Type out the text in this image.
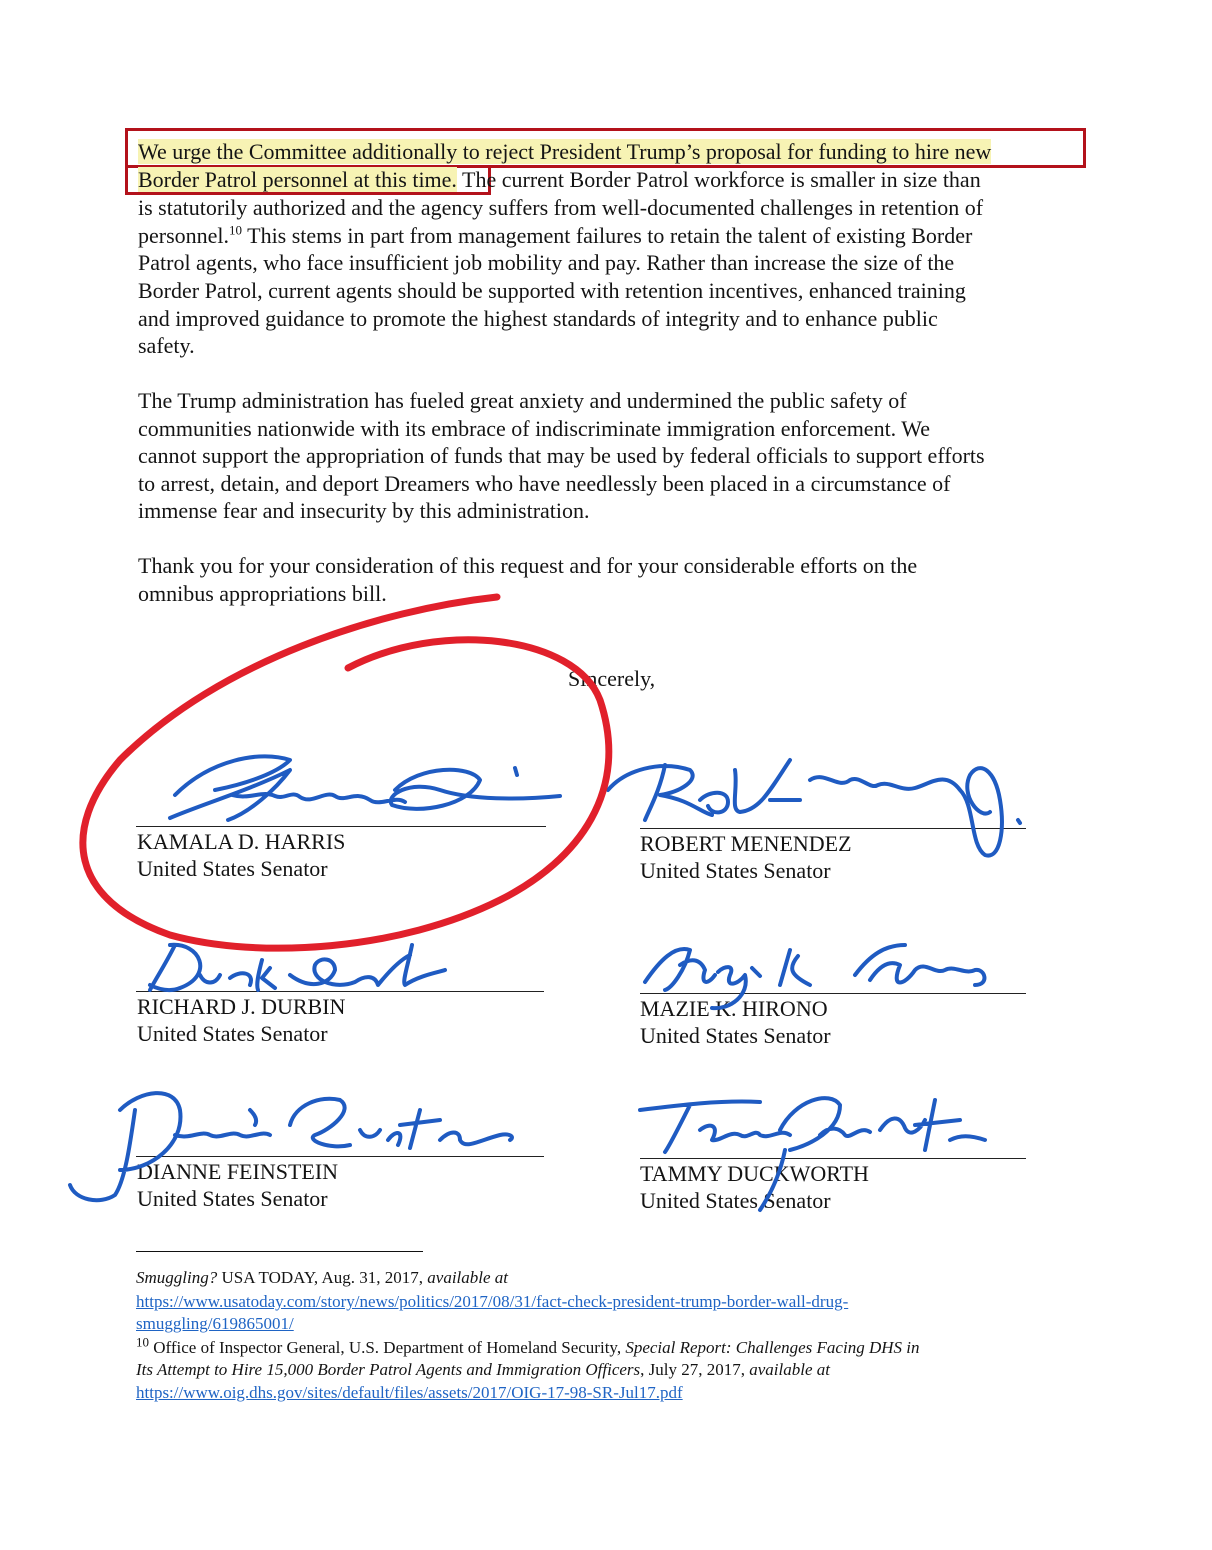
We urge the Committee additionally to reject President Trump’s proposal for funding to hire new
Border Patrol personnel at this time. The current Border Patrol workforce is smaller in size than
is statutorily authorized and the agency suffers from well-documented challenges in retention of
personnel.$^{10}$ This stems in part from management failures to retain the talent of existing Border
Patrol agents, who face insufficient job mobility and pay. Rather than increase the size of the
Border Patrol, current agents should be supported with retention incentives, enhanced training
and improved guidance to promote the highest standards of integrity and to enhance public
safety.
The Trump administration has fueled great anxiety and undermined the public safety of
communities nationwide with its embrace of indiscriminate immigration enforcement. We
cannot support the appropriation of funds that may be used by federal officials to support efforts
to arrest, detain, and deport Dreamers who have needlessly been placed in a circumstance of
immense fear and insecurity by this administration.
Thank you for your consideration of this request and for your considerable efforts on the
omnibus appropriations bill.
Sincerely,
KAMALA D. HARRIS
United States Senator
ROBERT MENENDEZ
United States Senator
RICHARD J. DURBIN
United States Senator
MAZIE K. HIRONO
United States Senator
DIANNE FEINSTEIN
United States Senator
TAMMY DUCKWORTH
United States Senator
Smuggling? USA TODAY, Aug. 31, 2017, available at
https://www.usatoday.com/story/news/politics/2017/08/31/fact-check-president-trump-border-wall-drug-
smuggling/619865001/
$^{10}$ Office of Inspector General, U.S. Department of Homeland Security, Special Report: Challenges Facing DHS in
Its Attempt to Hire 15,000 Border Patrol Agents and Immigration Officers, July 27, 2017, available at
https://www.oig.dhs.gov/sites/default/files/assets/2017/OIG-17-98-SR-Jul17.pdf
